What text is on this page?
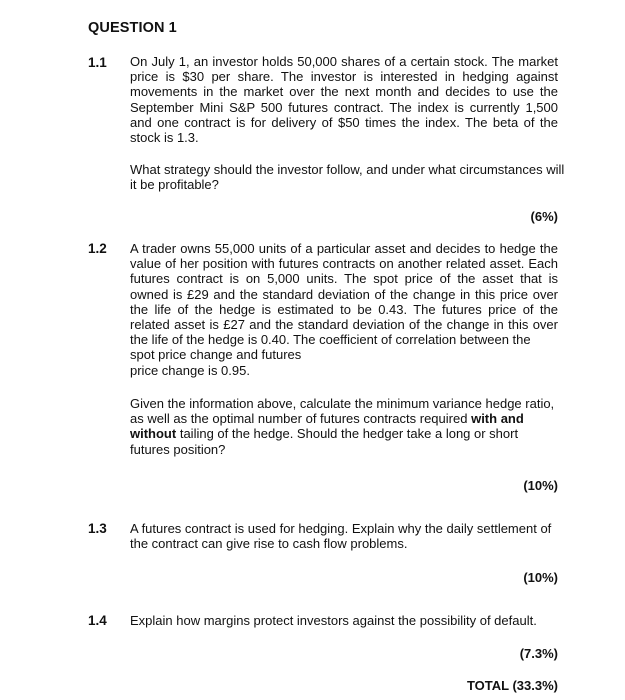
QUESTION 1
1.1 On July 1, an investor holds 50,000 shares of a certain stock. The market price is $30 per share. The investor is interested in hedging against movements in the market over the next month and decides to use the September Mini S&P 500 futures contract. The index is currently 1,500 and one contract is for delivery of $50 times the index. The beta of the stock is 1.3.
What strategy should the investor follow, and under what circumstances will it be profitable?
(6%)
1.2 A trader owns 55,000 units of a particular asset and decides to hedge the value of her position with futures contracts on another related asset. Each futures contract is on 5,000 units. The spot price of the asset that is owned is £29 and the standard deviation of the change in this price over the life of the hedge is estimated to be 0.43. The futures price of the related asset is £27 and the standard deviation of the change in this over the life of the hedge is 0.40. The coefficient of correlation between the
spot price change and futures
price change is 0.95.
Given the information above, calculate the minimum variance hedge ratio, as well as the optimal number of futures contracts required with and without tailing of the hedge. Should the hedger take a long or short futures position?
(10%)
1.3 A futures contract is used for hedging. Explain why the daily settlement of the contract can give rise to cash flow problems.
(10%)
1.4 Explain how margins protect investors against the possibility of default.
(7.3%)
TOTAL (33.3%)
